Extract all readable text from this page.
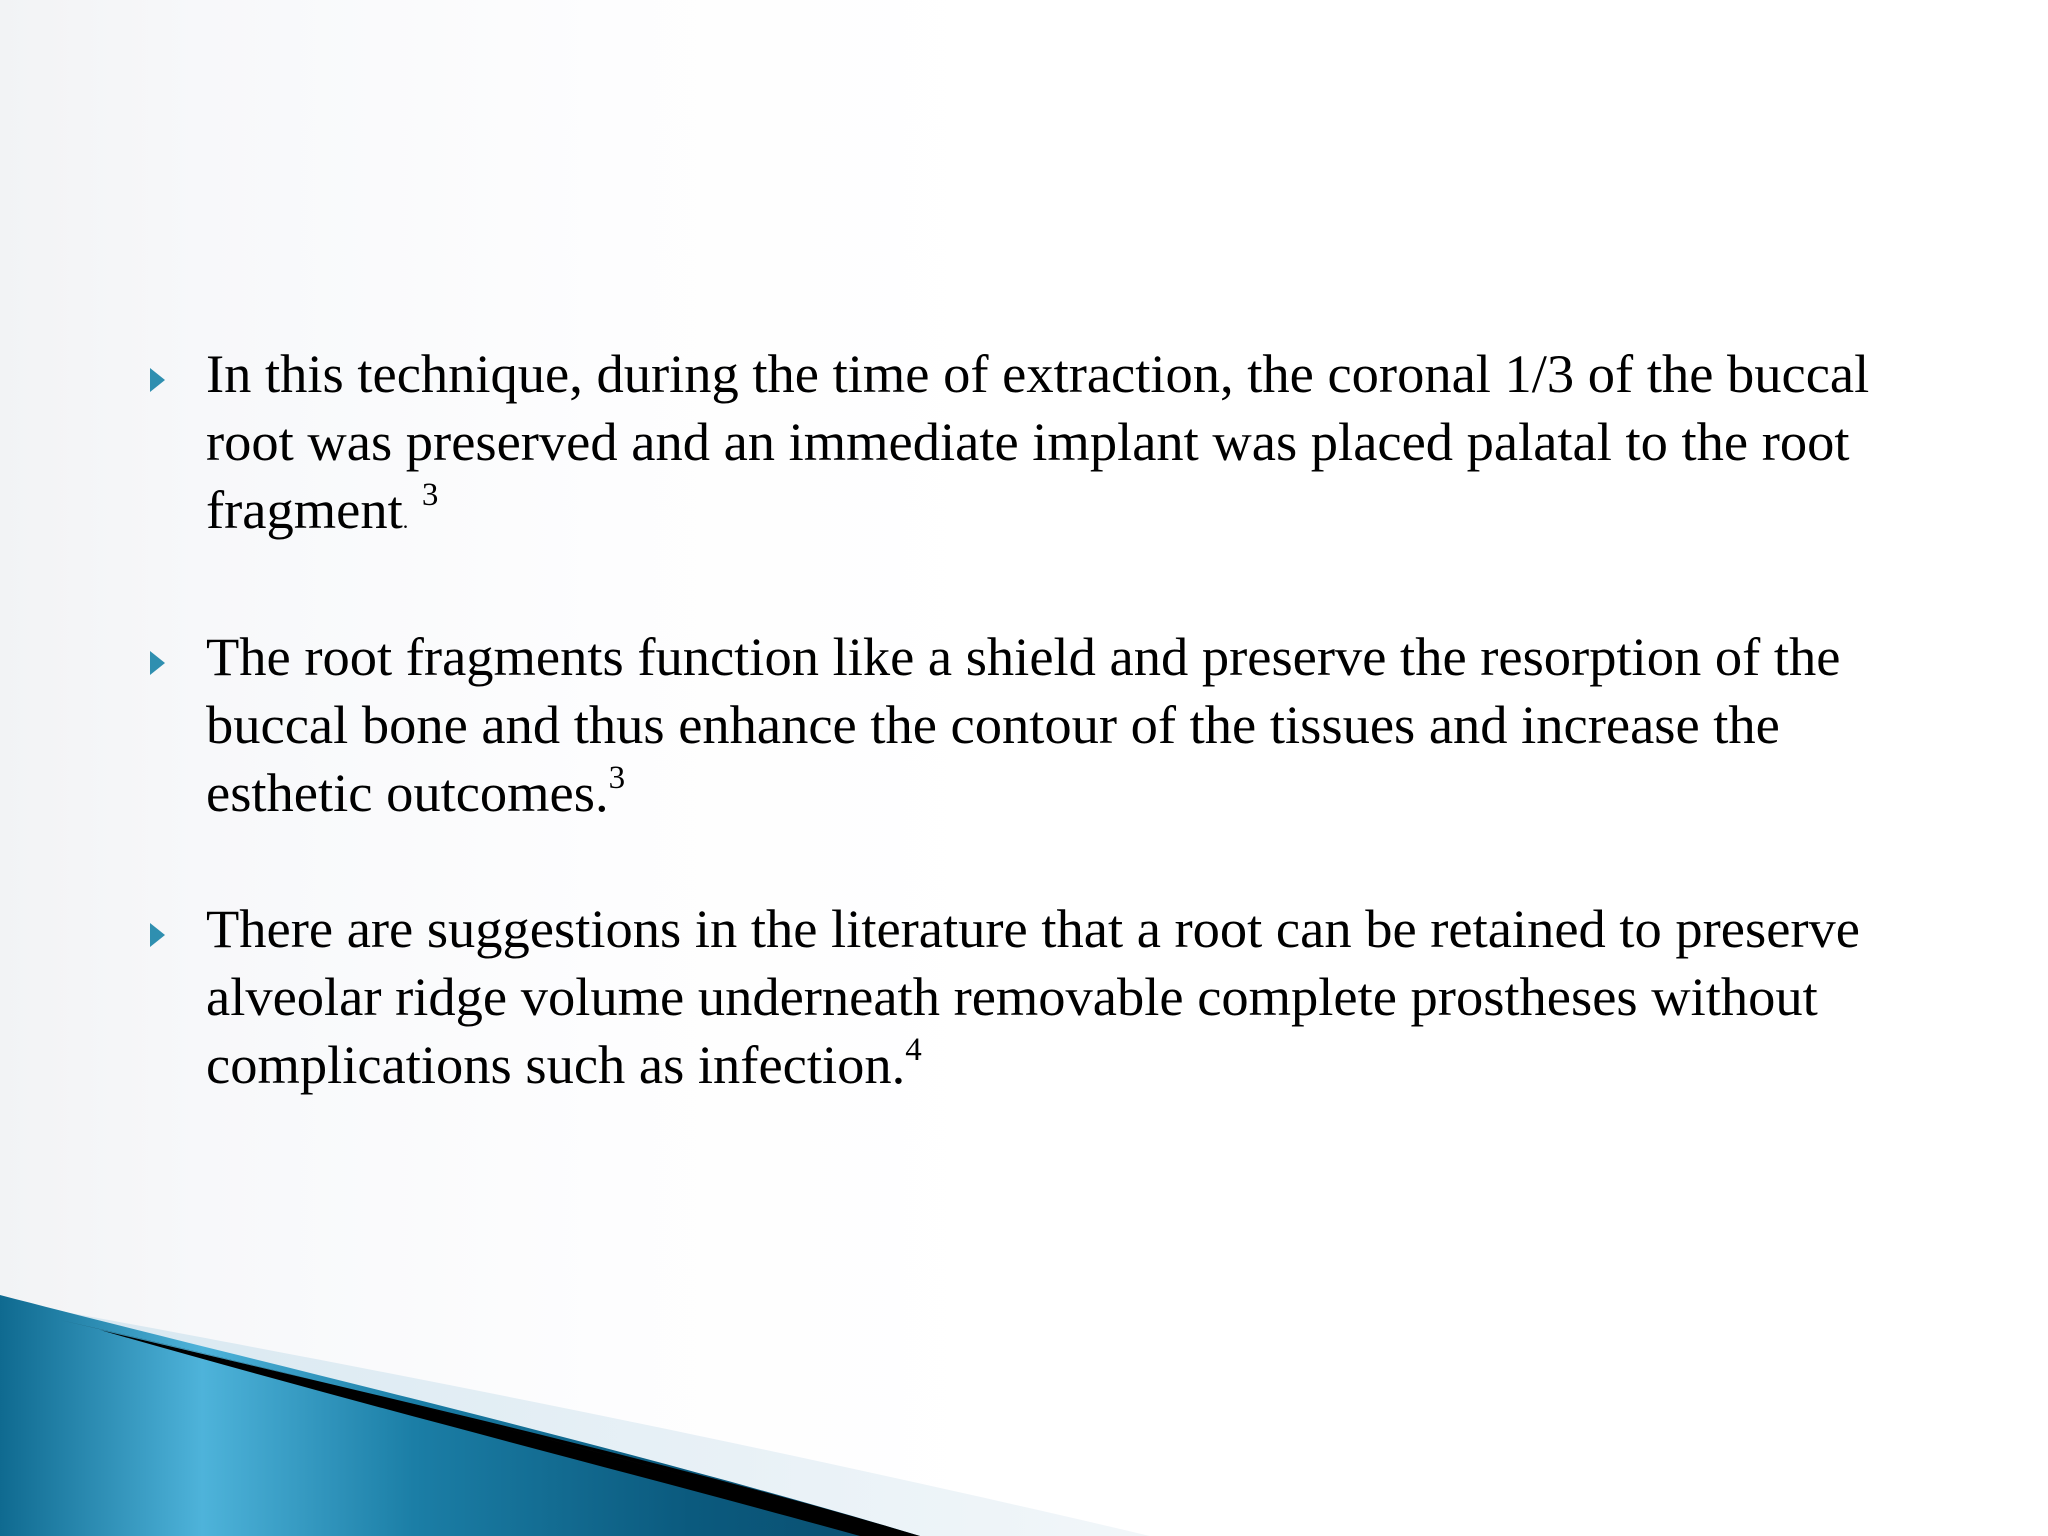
In this technique, during the time of extraction, the coronal 1/3 of the buccal root was preserved and an immediate implant was placed palatal to the root fragment. $^3$

The root fragments function like a shield and preserve the resorption of the buccal bone and thus enhance the contour of the tissues and increase the esthetic outcomes.$^3$

There are suggestions in the literature that a root can be retained to preserve alveolar ridge volume underneath removable complete prostheses without complications such as infection.$^4$
